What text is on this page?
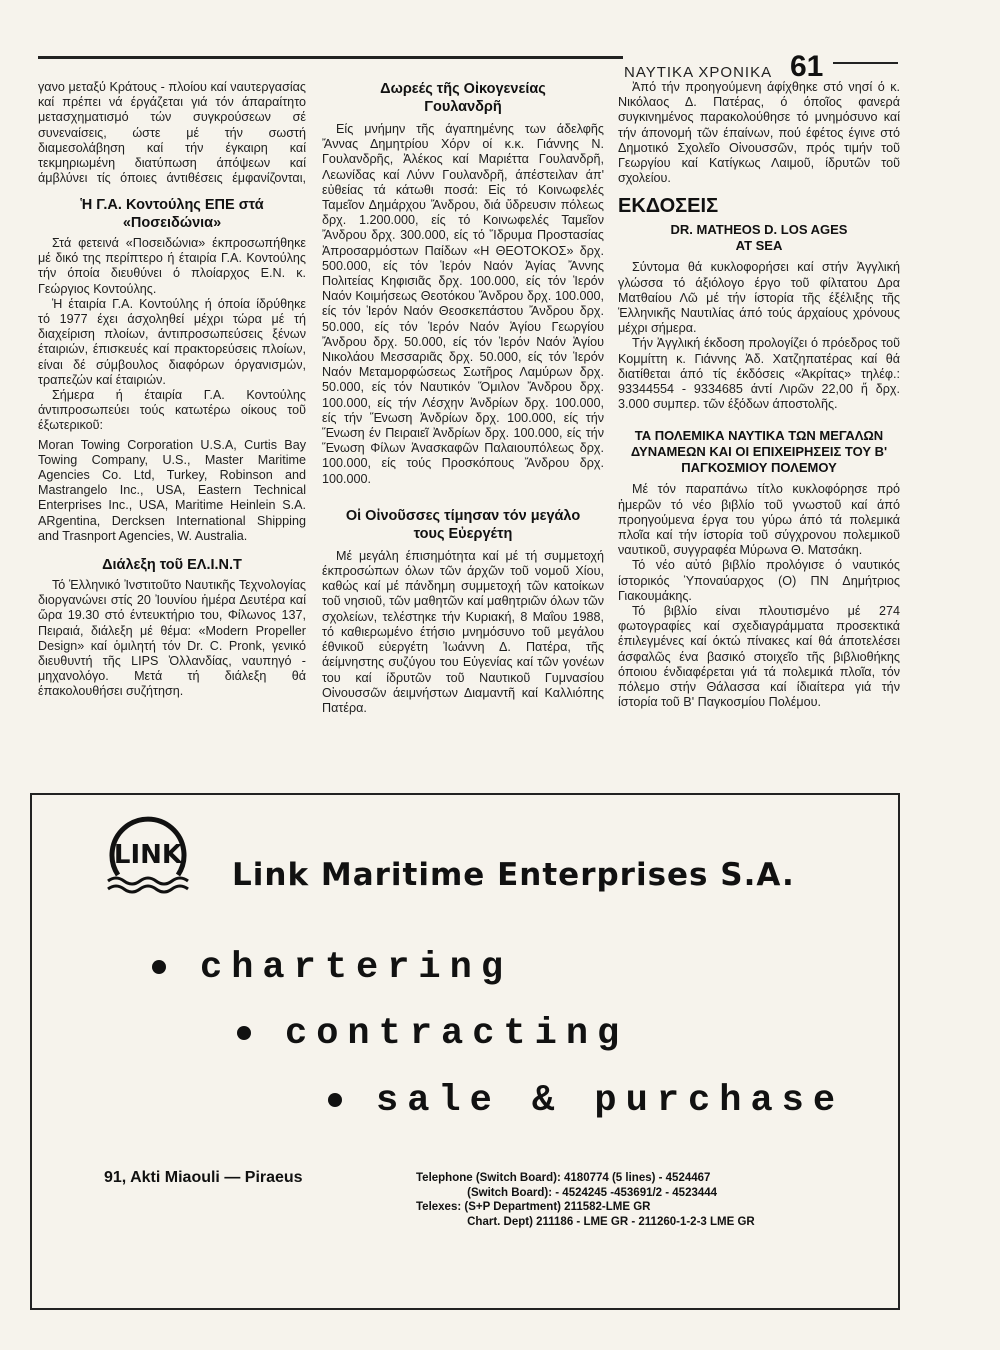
ΝΑΥΤΙΚΑ ΧΡΟΝΙΚΑ 61

γανο μεταξύ Κράτους - πλοίου καί ναυτεργασίας καί πρέπει νά έργάζεται γιά τόν άπαραίτητο μετασχηματισμό τών συγκρούσεων σέ συνεναίσεις, ώστε μέ τήν σωστή διαμεσολάβηση καί τήν έγκαιρη καί τεκμηριωμένη διατύπωση άπόψεων καί άμβλύνει τίς όποιες άντιθέσεις έμφανίζονται,

Ἡ Γ.Α. Κοντούλης ΕΠΕ στά «Ποσειδώνια»

Στά φετεινά «Ποσειδώνια» έκπροσωπήθηκε μέ δικό της περίπτερο ή έταιρία Γ.Α. Κοντούλης τήν όποία διευθύνει ό πλοίαρχος Ε.Ν. κ. Γεώργιος Κοντούλης.

Ἡ έταιρία Γ.Α. Κοντούλης ή όποία ίδρύθηκε τό 1977 έχει άσχοληθεί μέχρι τώρα μέ τή διαχείριση πλοίων, άντιπροσωπεύσεις ξένων έταιριών, έπισκευές καί πρακτορεύσεις πλοίων, είναι δέ σύμβουλος διαφόρων όργανισμών, τραπεζών καί έταιριών.

Σήμερα ή έταιρία Γ.Α. Κοντούλης άντιπροσωπεύει τούς κατωτέρω οίκους τοῦ έξωτερικοῦ:

Moran Towing Corporation U.S.A, Curtis Bay Towing Company, U.S., Master Maritime Agencies Co. Ltd, Turkey, Robinson and Mastrangelo Inc., USA, Eastern Technical Enterprises Inc., USA, Maritime Heinlein S.A. ARgentina, Dercksen International Shipping and Trasnport Agencies, W. Australia.

Διάλεξη τοῦ ΕΛ.Ι.Ν.Τ

Τό Ἑλληνικό Ἰνστιτοῦτο Ναυτικῆς Τεχνολογίας διοργανώνει στίς 20 Ἰουνίου ἡμέρα Δευτέρα καί ὥρα 19.30 στό έντευκτήριο του, Φίλωνος 137, Πειραιά, διάλεξη μέ θέμα: «Modern Propeller Design» καί ὁμιλητή τόν Dr. C. Pronk, γενικό διευθυντή τῆς LIPS Ὁλλανδίας, ναυπηγό - μηχανολόγο. Μετά τή διάλεξη θά έπακολουθήσει συζήτηση.

Δωρεές τῆς Οἰκογενείας Γουλανδρῆ

Είς μνήμην τῆς άγαπημένης των άδελφῆς Ἄννας Δημητρίου Χόρν οί κ.κ. Γιάννης Ν. Γουλανδρῆς, Ἀλέκος καί Μαριέττα Γουλανδρῆ, Λεωνίδας καί Λύνν Γουλανδρῆ, άπέστειλαν άπ' εὐθείας τά κάτωθι ποσά: Εἰς τό Κοινωφελές Ταμεῖον Δημάρχου Ἄνδρου, διά ὕδρευσιν πόλεως δρχ. 1.200.000, είς τό Κοινωφελές Ταμεῖον Ἄνδρου δρχ. 300.000, είς τό Ἵδρυμα Προστασίας Ἀπροσαρμόστων Παίδων «Η ΘΕΟΤΟΚΟΣ» δρχ. 500.000, είς τόν Ἱερόν Ναόν Ἁγίας Ἄννης Πολιτείας Κηφισιᾶς δρχ. 100.000, είς τόν Ἱερόν Ναόν Κοιμήσεως Θεοτόκου Ἄνδρου δρχ. 100.000, είς τόν Ἱερόν Ναόν Θεοσκεπάστου Ἄνδρου δρχ. 50.000, είς τόν Ἱερόν Ναόν Ἁγίου Γεωργίου Ἄνδρου δρχ. 50.000, είς τόν Ἱερόν Ναόν Ἁγίου Νικολάου Μεσσαριᾶς δρχ. 50.000, είς τόν Ἱερόν Ναόν Μεταμορφώσεως Σωτῆρος Λαμύρων δρχ. 50.000, είς τόν Ναυτικόν Ὅμιλον Ἄνδρου δρχ. 100.000, είς τήν Λέσχην Ἀνδρίων δρχ. 100.000, είς τήν Ἕνωση Ἀνδρίων δρχ. 100.000, είς τήν Ἕνωση έν Πειραιεῖ Ἀνδρίων δρχ. 100.000, είς τήν Ἕνωση Φίλων Ἀνασκαφῶν Παλαιουπόλεως δρχ. 100.000, είς τούς Προσκόπους Ἄνδρου δρχ. 100.000.

Οἱ Οἰνοῦσσες τίμησαν τόν μεγάλο τους Εὐεργέτη

Μέ μεγάλη έπισημότητα καί μέ τή συμμετοχή έκπροσώπων όλων τῶν άρχῶν τοῦ νομοῦ Χίου, καθώς καί μέ πάνδημη συμμετοχή τῶν κατοίκων τοῦ νησιοῦ, τῶν μαθητῶν καί μαθητριῶν όλων τῶν σχολείων, τελέστηκε τήν Κυριακή, 8 Μαΐου 1988, τό καθιερωμένο έτήσιο μνημόσυνο τοῦ μεγάλου έθνικοῦ εὐεργέτη Ἰωάννη Δ. Πατέρα, τῆς άείμνηστης συζύγου του Εὐγενίας καί τῶν γονέων του καί ίδρυτῶν τοῦ Ναυτικοῦ Γυμνασίου Οἰνουσσῶν άειμνήστων Διαμαντῆ καί Καλλιόπης Πατέρα.

Ἀπό τήν προηγούμενη άφίχθηκε στό νησί ό κ. Νικόλαος Δ. Πατέρας, ό όποῖος φανερά συγκινημένος παρακολούθησε τό μνημόσυνο καί τήν άπονομή τῶν έπαίνων, πού έφέτος έγινε στό Δημοτικό Σχολεῖο Οἰνουσσῶν, πρός τιμήν τοῦ Γεωργίου καί Κατίγκως Λαιμοῦ, ίδρυτῶν τοῦ σχολείου.

ΕΚΔΟΣΕΙΣ
DR. MATHEOS D. LOS AGES AT SEA

Σύντομα θά κυκλοφορήσει καί στήν Ἀγγλική γλώσσα τό άξιόλογο έργο τοῦ φίλτατου Δρα Ματθαίου Λῶ μέ τήν ίστορία τῆς έξέλιξης τῆς Ἑλληνικῆς Ναυτιλίας άπό τούς άρχαίους χρόνους μέχρι σήμερα.

Τήν Ἀγγλική έκδοση προλογίζει ό πρόεδρος τοῦ Κομμίττη κ. Γιάννης Ἀδ. Χατζηπατέρας καί θά διατίθεται άπό τίς έκδόσεις «Ἀκρίτας» τηλέφ.: 93344554 - 9334685 άντί Λιρῶν 22,00 ἤ δρχ. 3.000 συμπερ. τῶν έξόδων άποστολῆς.

ΤΑ ΠΟΛΕΜΙΚΑ ΝΑΥΤΙΚΑ ΤΩΝ ΜΕΓΑΛΩΝ ΔΥΝΑΜΕΩΝ ΚΑΙ ΟΙ ΕΠΙΧΕΙΡΗΣΕΙΣ ΤΟΥ Β' ΠΑΓΚΟΣΜΙΟΥ ΠΟΛΕΜΟΥ

Μέ τόν παραπάνω τίτλο κυκλοφόρησε πρό ἡμερῶν τό νέο βιβλίο τοῦ γνωστοῦ καί άπό προηγούμενα έργα του γύρω άπό τά πολεμικά πλοῖα καί τήν ίστορία τοῦ σύγχρονου πολεμικοῦ ναυτικοῦ, συγγραφέα Μύρωνα Θ. Ματσάκη.

Τό νέο αὐτό βιβλίο προλόγισε ό ναυτικός ίστορικός Ὑποναύαρχος (Ο) ΠΝ Δημήτριος Γιακουμάκης.

Τό βιβλίο είναι πλουτισμένο μέ 274 φωτογραφίες καί σχεδιαγράμματα προσεκτικά έπιλεγμένες καί όκτώ πίνακες καί θά άποτελέσει άσφαλῶς ένα βασικό στοιχεῖο τῆς βιβλιοθήκης όποιου ένδιαφέρεται γιά τά πολεμικά πλοῖα, τόν πόλεμο στήν Θάλασσα καί ίδιαίτερα γιά τήν ίστορία τοῦ Β' Παγκοσμίου Πολέμου.

LINK
Link Maritime Enterprises S.A.
chartering
contracting
sale & purchase
91, Akti Miaouli — Piraeus	Telephone (Switch Board): 4180774 (5 lines) - 4524467
(Switch Board): - 4524245 -453691/2 - 4523444
Telexes: (S+P Department) 211582-LME GR
Chart. Dept) 211186 - LME GR - 211260-1-2-3 LME GR
